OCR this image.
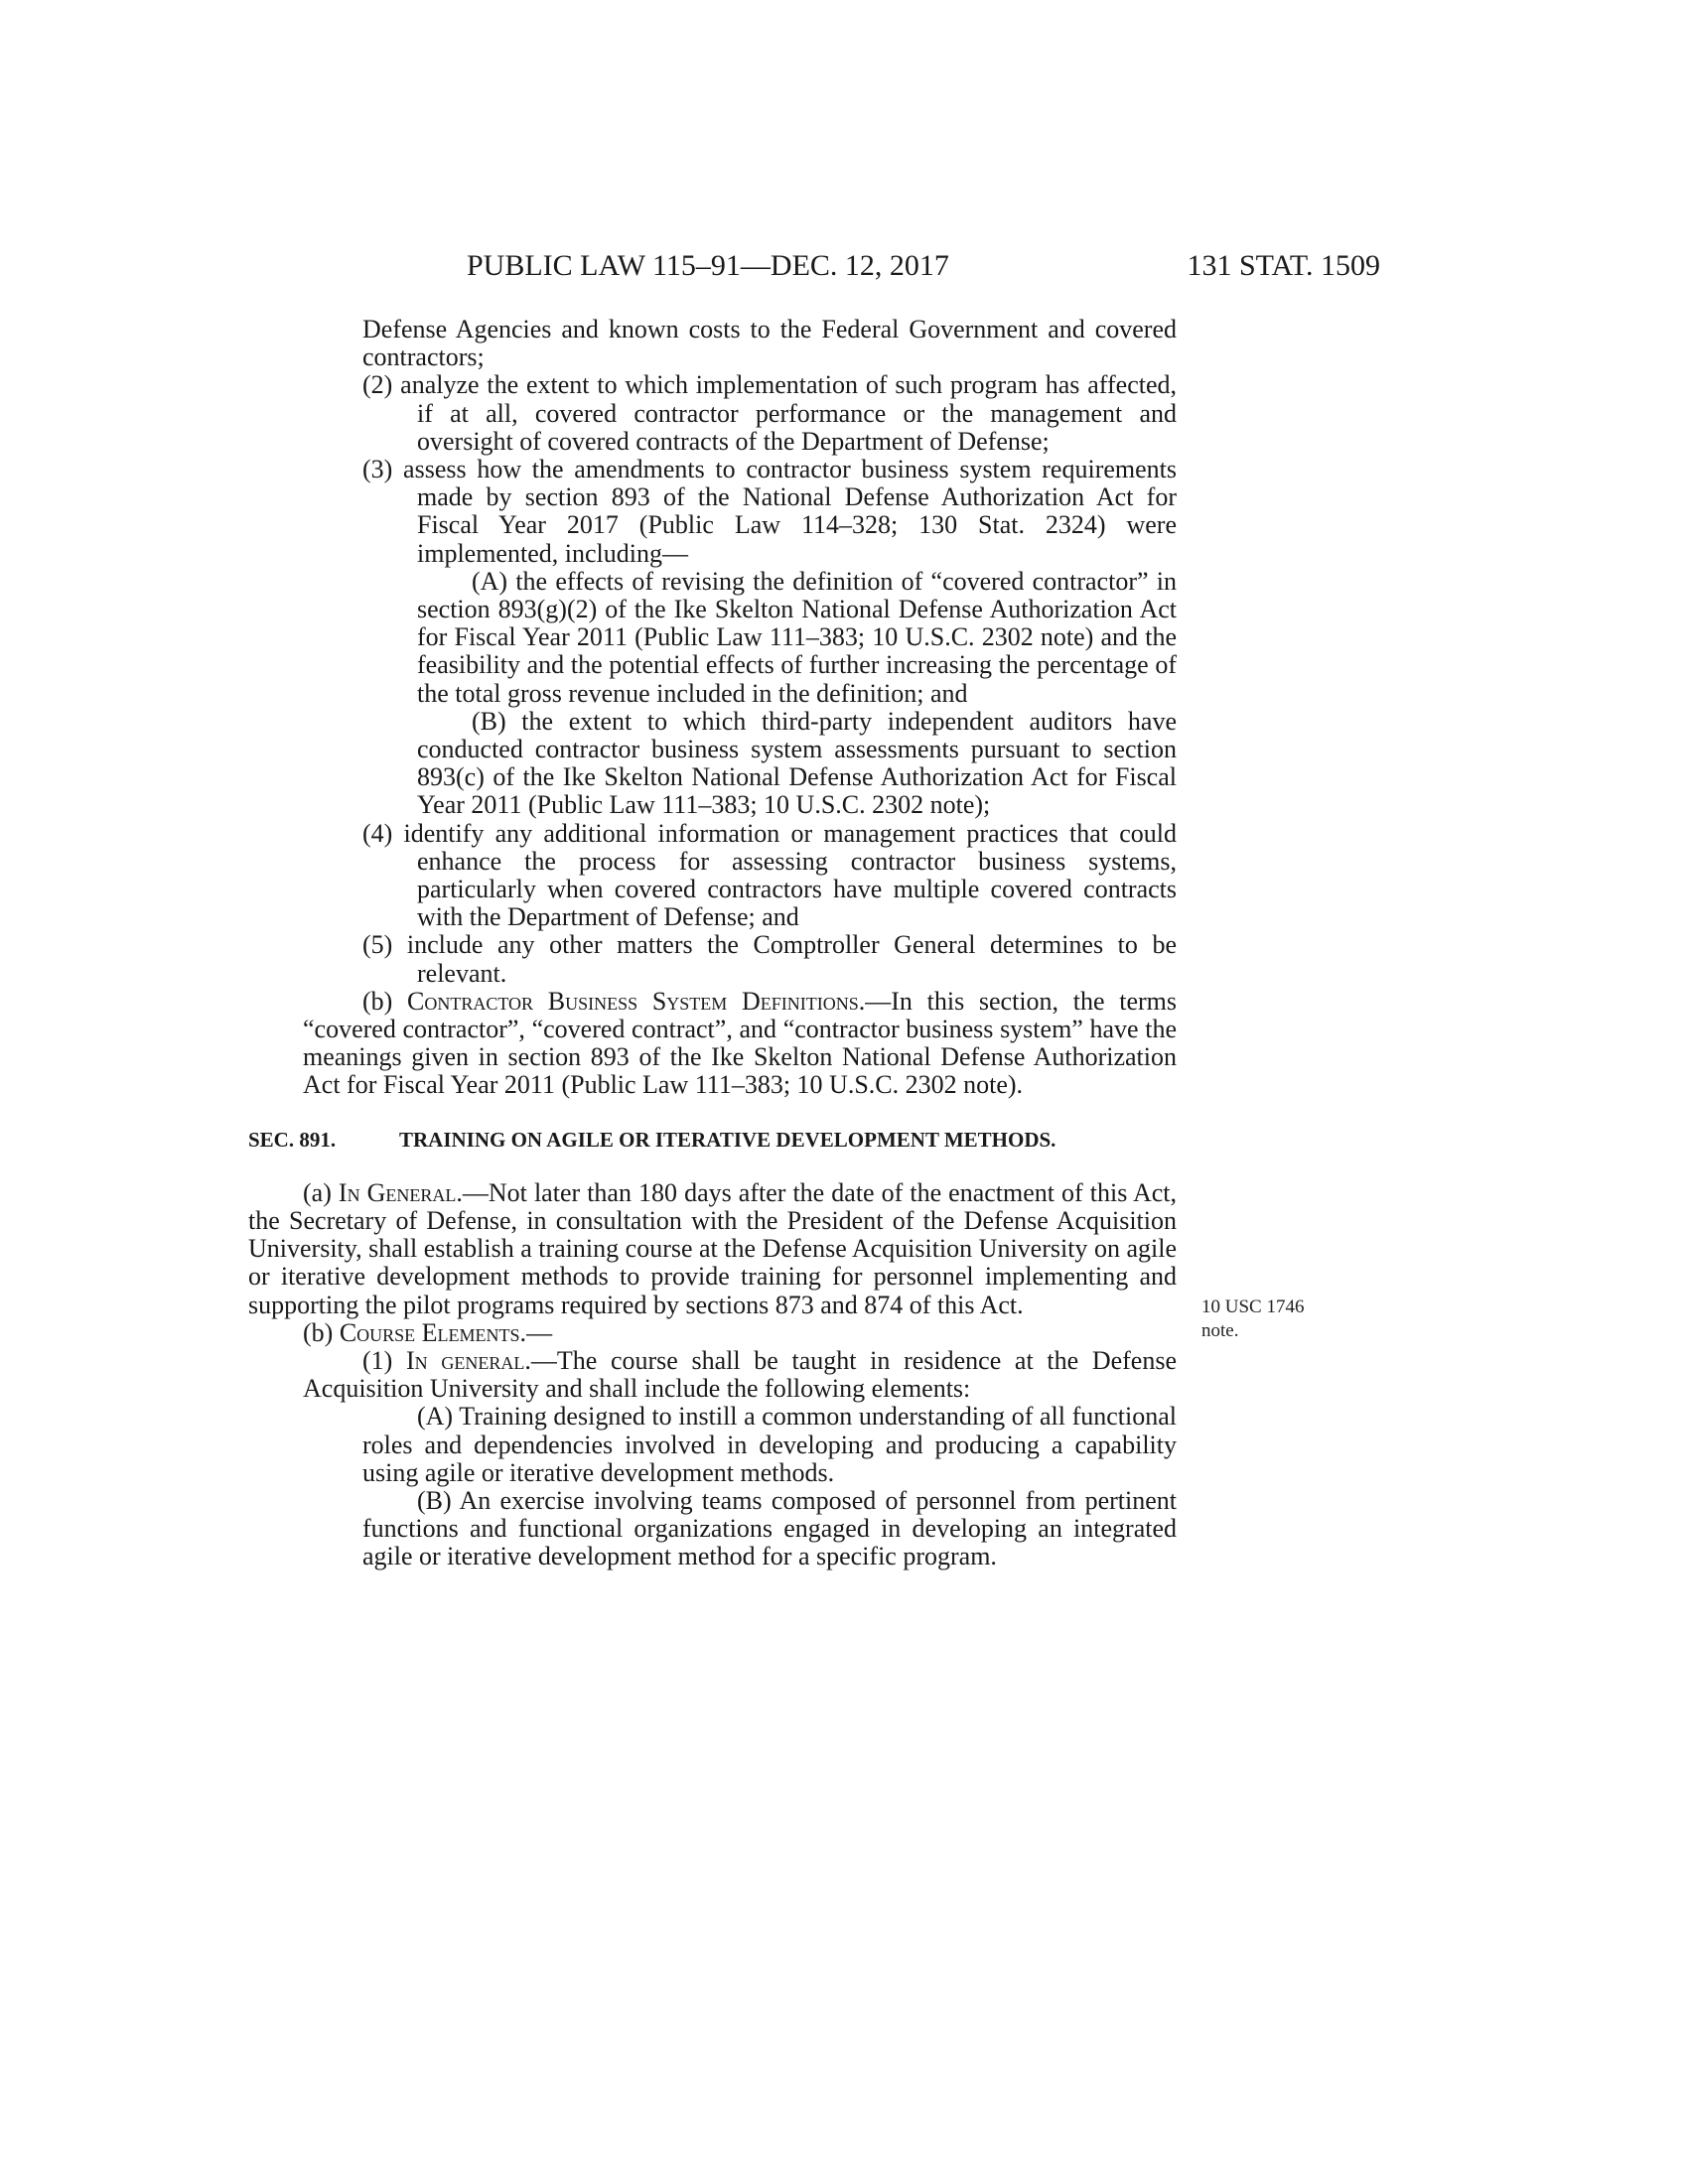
PUBLIC LAW 115–91—DEC. 12, 2017	131 STAT. 1509
10 USC 1746
note.

Defense Agencies and known costs to the Federal Government and covered contractors;

(2) analyze the extent to which implementation of such program has affected, if at all, covered contractor performance or the management and oversight of covered contracts of the Department of Defense;

(3) assess how the amendments to contractor business system requirements made by section 893 of the National Defense Authorization Act for Fiscal Year 2017 (Public Law 114–328; 130 Stat. 2324) were implemented, including—

(A) the effects of revising the definition of “covered contractor” in section 893(g)(2) of the Ike Skelton National Defense Authorization Act for Fiscal Year 2011 (Public Law 111–383; 10 U.S.C. 2302 note) and the feasibility and the potential effects of further increasing the percentage of the total gross revenue included in the definition; and

(B) the extent to which third-party independent auditors have conducted contractor business system assessments pursuant to section 893(c) of the Ike Skelton National Defense Authorization Act for Fiscal Year 2011 (Public Law 111–383; 10 U.S.C. 2302 note);

(4) identify any additional information or management practices that could enhance the process for assessing contractor business systems, particularly when covered contractors have multiple covered contracts with the Department of Defense; and

(5) include any other matters the Comptroller General determines to be relevant.

(b) Contractor Business System Definitions.—In this section, the terms “covered contractor”, “covered contract”, and “contractor business system” have the meanings given in section 893 of the Ike Skelton National Defense Authorization Act for Fiscal Year 2011 (Public Law 111–383; 10 U.S.C. 2302 note).

SEC. 891.	TRAINING ON AGILE OR ITERATIVE DEVELOPMENT METHODS.

(a) In General.—Not later than 180 days after the date of the enactment of this Act, the Secretary of Defense, in consultation with the President of the Defense Acquisition University, shall establish a training course at the Defense Acquisition University on agile or iterative development methods to provide training for personnel implementing and supporting the pilot programs required by sections 873 and 874 of this Act.

(b) Course Elements.—

(1) In general.—The course shall be taught in residence at the Defense Acquisition University and shall include the following elements:

(A) Training designed to instill a common understanding of all functional roles and dependencies involved in developing and producing a capability using agile or iterative development methods.

(B) An exercise involving teams composed of personnel from pertinent functions and functional organizations engaged in developing an integrated agile or iterative development method for a specific program.
